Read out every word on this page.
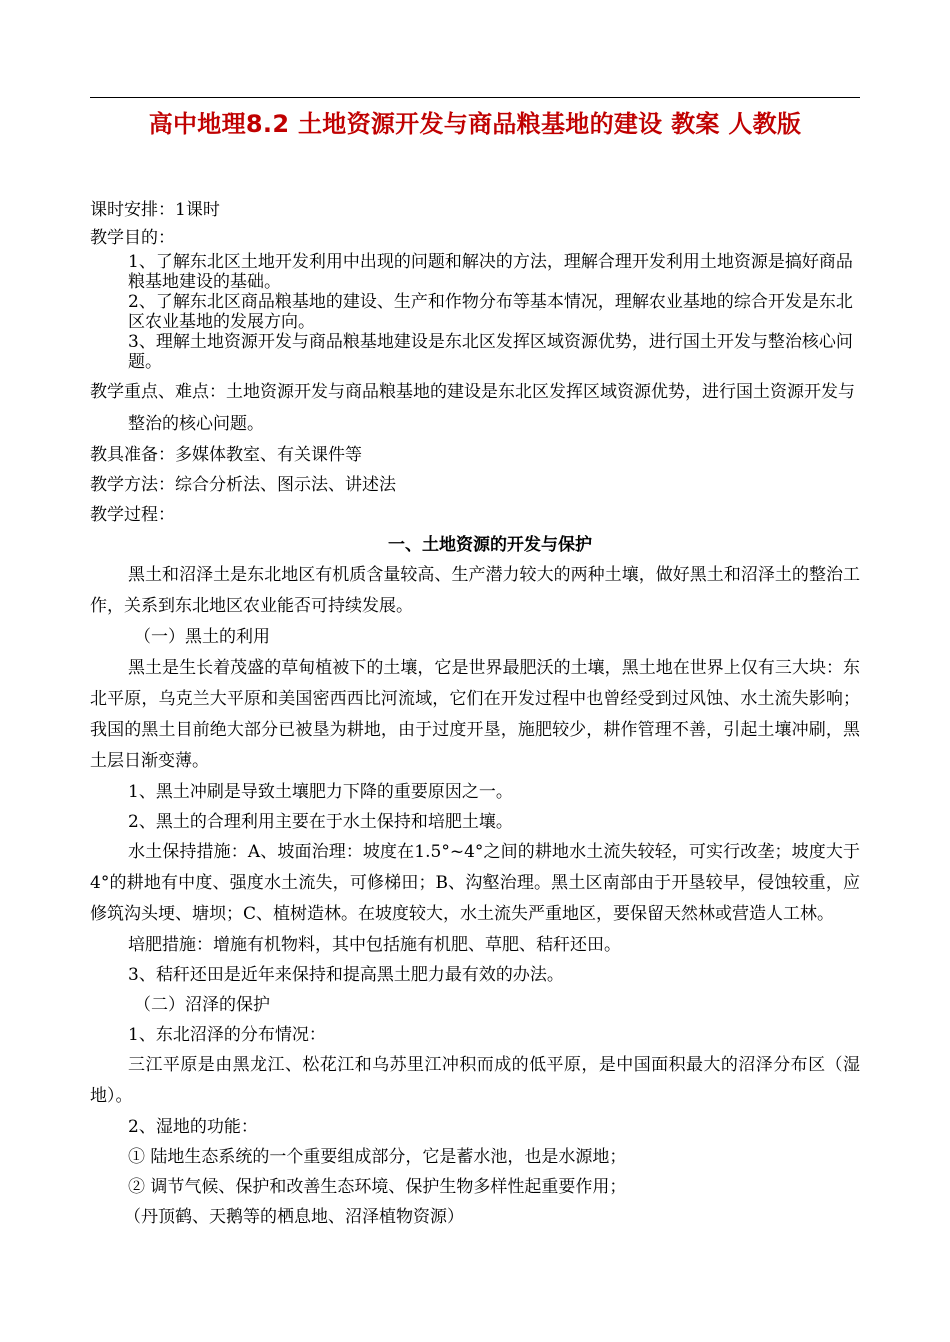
高中地理8.2 土地资源开发与商品粮基地的建设 教案 人教版

课时安排：1课时

教学目的：

1、了解东北区土地开发利用中出现的问题和解决的方法，理解合理开发利用土地资源是搞好商品粮基地建设的基础。

2、了解东北区商品粮基地的建设、生产和作物分布等基本情况，理解农业基地的综合开发是东北区农业基地的发展方向。

3、理解土地资源开发与商品粮基地建设是东北区发挥区域资源优势，进行国土开发与整治核心问题。

教学重点、难点：土地资源开发与商品粮基地的建设是东北区发挥区域资源优势，进行国土资源开发与整治的核心问题。

教具准备：多媒体教室、有关课件等

教学方法：综合分析法、图示法、讲述法

教学过程：

一、土地资源的开发与保护

黑土和沼泽土是东北地区有机质含量较高、生产潜力较大的两种土壤，做好黑土和沼泽土的整治工作，关系到东北地区农业能否可持续发展。

（一）黑土的利用

黑土是生长着茂盛的草甸植被下的土壤，它是世界最肥沃的土壤，黑土地在世界上仅有三大块：东北平原，乌克兰大平原和美国密西西比河流域，它们在开发过程中也曾经受到过风蚀、水土流失影响；我国的黑土目前绝大部分已被垦为耕地，由于过度开垦，施肥较少，耕作管理不善，引起土壤冲刷，黑土层日渐变薄。

1、黑土冲刷是导致土壤肥力下降的重要原因之一。

2、黑土的合理利用主要在于水土保持和培肥土壤。

水土保持措施：A、坡面治理：坡度在1.5°~4°之间的耕地水土流失较轻，可实行改垄；坡度大于4°的耕地有中度、强度水土流失，可修梯田；B、沟壑治理。黑土区南部由于开垦较早，侵蚀较重，应修筑沟头埂、塘坝；C、植树造林。在坡度较大，水土流失严重地区，要保留天然林或营造人工林。

培肥措施：增施有机物料，其中包括施有机肥、草肥、秸秆还田。

3、秸秆还田是近年来保持和提高黑土肥力最有效的办法。

（二）沼泽的保护

1、东北沼泽的分布情况：

三江平原是由黑龙江、松花江和乌苏里江冲积而成的低平原，是中国面积最大的沼泽分布区（湿地）。

2、湿地的功能：

① 陆地生态系统的一个重要组成部分，它是蓄水池，也是水源地；

② 调节气候、保护和改善生态环境、保护生物多样性起重要作用；

（丹顶鹤、天鹅等的栖息地、沼泽植物资源）
